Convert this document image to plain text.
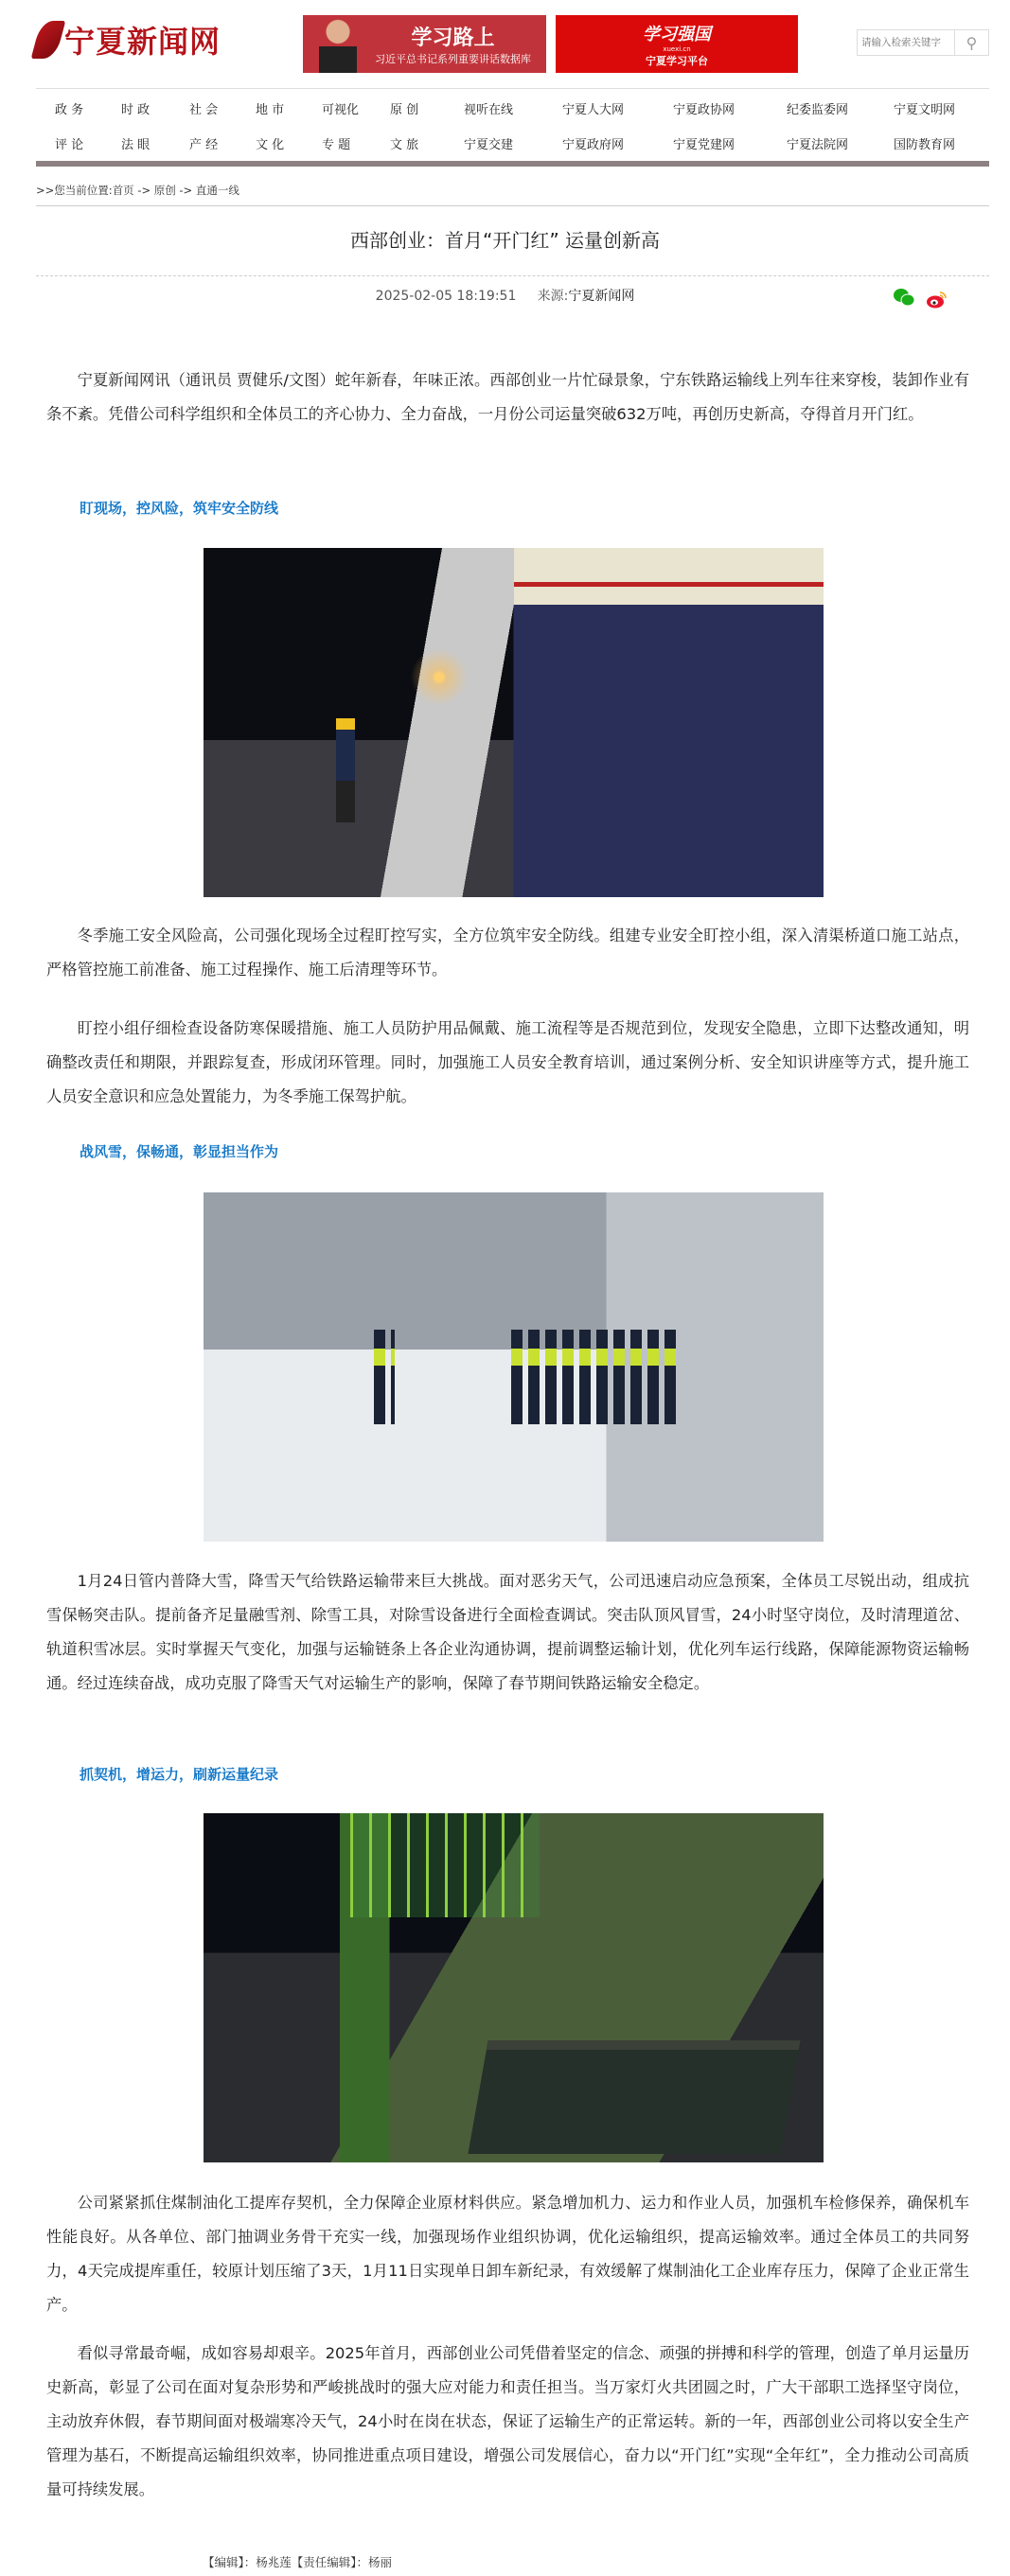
宁夏新闻网	学习路上
习近平总书记系列重要讲话数据库
学习强国
xuexi.cn
宁夏学习平台
请输入检索关键字
⚲
政 务	时 政	社 会	地 市	可视化	原 创	视听在线	宁夏人大网	宁夏政协网	纪委监委网	宁夏文明网
评 论	法 眼	产 经	文 化	专 题	文 旅	宁夏交建	宁夏政府网	宁夏党建网	宁夏法院网	国防教育网
>>您当前位置:首页 -> 原创 -> 直通一线
西部创业：首月“开门红” 运量创新高
2025-02-05 18:19:51 来源:宁夏新闻网

宁夏新闻网讯（通讯员 贾健乐/文图）蛇年新春，年味正浓。西部创业一片忙碌景象，宁东铁路运输线上列车往来穿梭，装卸作业有条不紊。凭借公司科学组织和全体员工的齐心协力、全力奋战，一月份公司运量突破632万吨，再创历史新高，夺得首月开门红。

盯现场，控风险，筑牢安全防线

冬季施工安全风险高，公司强化现场全过程盯控写实，全方位筑牢安全防线。组建专业安全盯控小组，深入清渠桥道口施工站点，严格管控施工前准备、施工过程操作、施工后清理等环节。

盯控小组仔细检查设备防寒保暖措施、施工人员防护用品佩戴、施工流程等是否规范到位，发现安全隐患，立即下达整改通知，明确整改责任和期限，并跟踪复查，形成闭环管理。同时，加强施工人员安全教育培训，通过案例分析、安全知识讲座等方式，提升施工人员安全意识和应急处置能力，为冬季施工保驾护航。

战风雪，保畅通，彰显担当作为

1月24日管内普降大雪，降雪天气给铁路运输带来巨大挑战。面对恶劣天气，公司迅速启动应急预案，全体员工尽锐出动，组成抗雪保畅突击队。提前备齐足量融雪剂、除雪工具，对除雪设备进行全面检查调试。突击队顶风冒雪，24小时坚守岗位，及时清理道岔、轨道积雪冰层。实时掌握天气变化，加强与运输链条上各企业沟通协调，提前调整运输计划，优化列车运行线路，保障能源物资运输畅通。经过连续奋战，成功克服了降雪天气对运输生产的影响，保障了春节期间铁路运输安全稳定。

抓契机，增运力，刷新运量纪录

公司紧紧抓住煤制油化工提库存契机，全力保障企业原材料供应。紧急增加机力、运力和作业人员，加强机车检修保养，确保机车性能良好。从各单位、部门抽调业务骨干充实一线，加强现场作业组织协调，优化运输组织，提高运输效率。通过全体员工的共同努力，4天完成提库重任，较原计划压缩了3天，1月11日实现单日卸车新纪录，有效缓解了煤制油化工企业库存压力，保障了企业正常生产。

看似寻常最奇崛，成如容易却艰辛。2025年首月，西部创业公司凭借着坚定的信念、顽强的拼搏和科学的管理，创造了单月运量历史新高，彰显了公司在面对复杂形势和严峻挑战时的强大应对能力和责任担当。当万家灯火共团圆之时，广大干部职工选择坚守岗位，主动放弃休假，春节期间面对极端寒冷天气，24小时在岗在状态，保证了运输生产的正常运转。新的一年，西部创业公司将以安全生产管理为基石，不断提高运输组织效率，协同推进重点项目建设，增强公司发展信心，奋力以“开门红”实现“全年红”，全力推动公司高质量可持续发展。

【编辑】：杨兆莲【责任编辑】：杨丽
